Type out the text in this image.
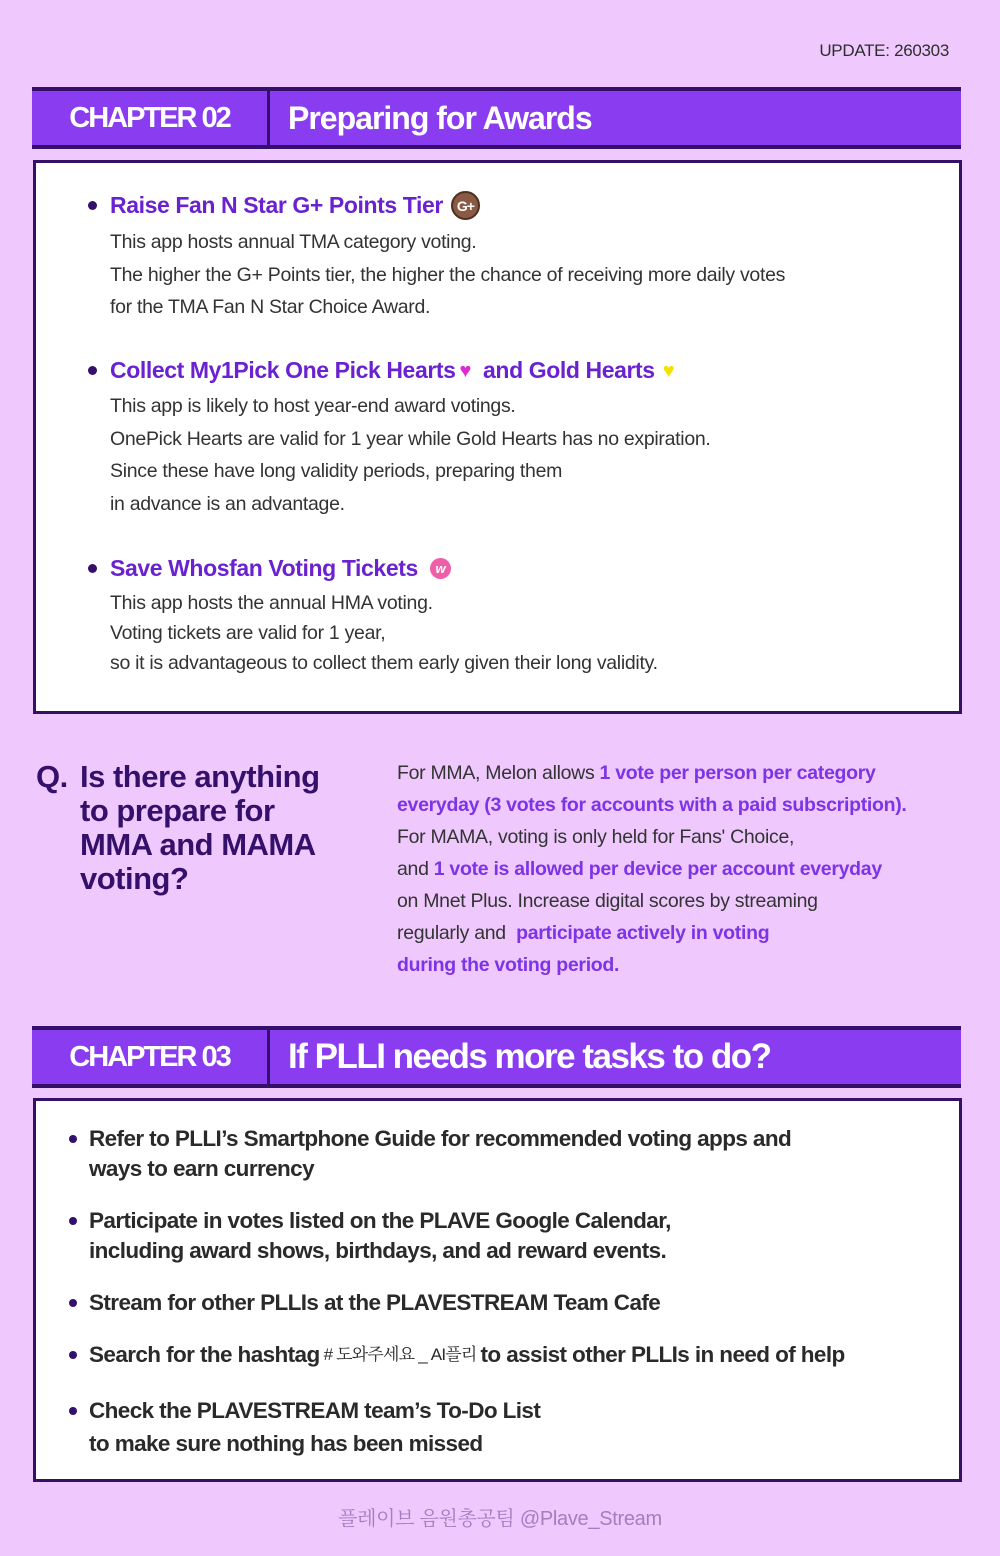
UPDATE: 260303
CHAPTER 02	Preparing for Awards
Raise Fan N Star G+ Points Tier G+
This app hosts annual TMA category voting.
The higher the G+ Points tier, the higher the chance of receiving more daily votes
for the TMA Fan N Star Choice Award.
Collect My1Pick One Pick Hearts ♥ and Gold Hearts ♥
This app is likely to host year-end award votings.
OnePick Hearts are valid for 1 year while Gold Hearts has no expiration.
Since these have long validity periods, preparing them
in advance is an advantage.
Save Whosfan Voting Tickets	w
This app hosts the annual HMA voting.
Voting tickets are valid for 1 year,
so it is advantageous to collect them early given their long validity.
Q. Is there anything
to prepare for
MMA and MAMA
voting?
For MMA, Melon allows 1 vote per person per category
everyday (3 votes for accounts with a paid subscription).
For MAMA, voting is only held for Fans' Choice,
and 1 vote is allowed per device per account everyday
on Mnet Plus. Increase digital scores by streaming
regularly and  participate actively in voting
during the voting period.
CHAPTER 03	If PLLI needs more tasks to do?
Refer to PLLI’s Smartphone Guide for recommended voting apps and
ways to earn currency
Participate in votes listed on the PLAVE Google Calendar,
including award shows, birthdays, and ad reward events.
Stream for other PLLIs at the PLAVESTREAM Team Cafe
Search for the hashtag # 도와주세요 _ AI플리 to assist other PLLIs in need of help
Check the PLAVESTREAM team’s To-Do List
to make sure nothing has been missed
플레이브 음원총공팀 @Plave_Stream
